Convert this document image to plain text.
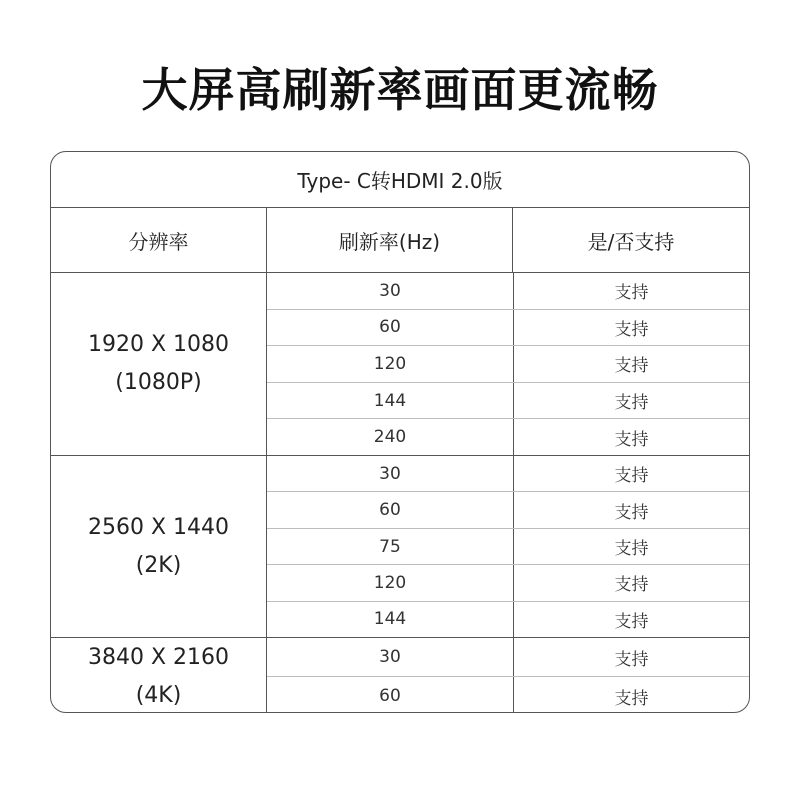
大屏高刷新率画面更流畅
Type- C转HDMI 2.0版
分辨率	刷新率(Hz)	是/否支持
1920 X 1080
(1080P)
30	支持
60	支持
120	支持
144	支持
240	支持
2560 X 1440
(2K)
30	支持
60	支持
75	支持
120	支持
144	支持
3840 X 2160
(4K)
30	支持
60	支持
